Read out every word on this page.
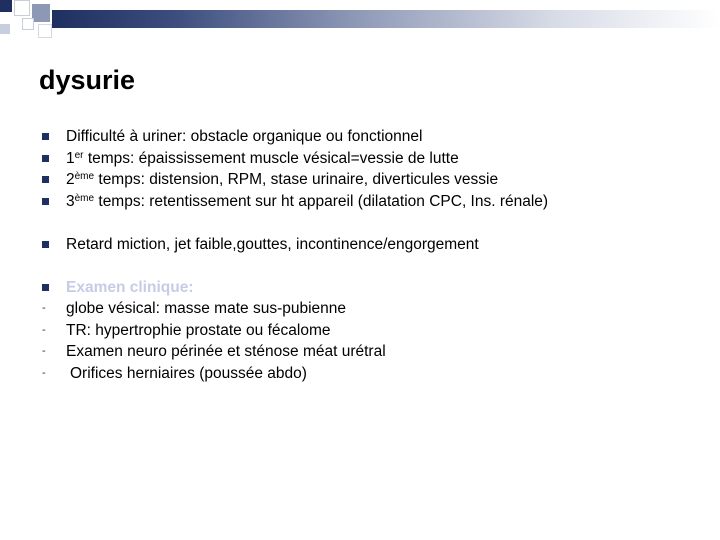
dysurie
Difficulté à uriner: obstacle organique ou fonctionnel
1er temps: épaississement muscle vésical=vessie de lutte
2ème temps: distension, RPM, stase urinaire, diverticules vessie
3ème temps: retentissement sur ht appareil (dilatation CPC, Ins. rénale)
Retard miction, jet faible,gouttes, incontinence/engorgement
Examen clinique:
- globe vésical: masse mate sus-pubienne
- TR: hypertrophie prostate ou fécalome
- Examen neuro périnée et sténose méat urétral
- Orifices herniaires (poussée abdo)
